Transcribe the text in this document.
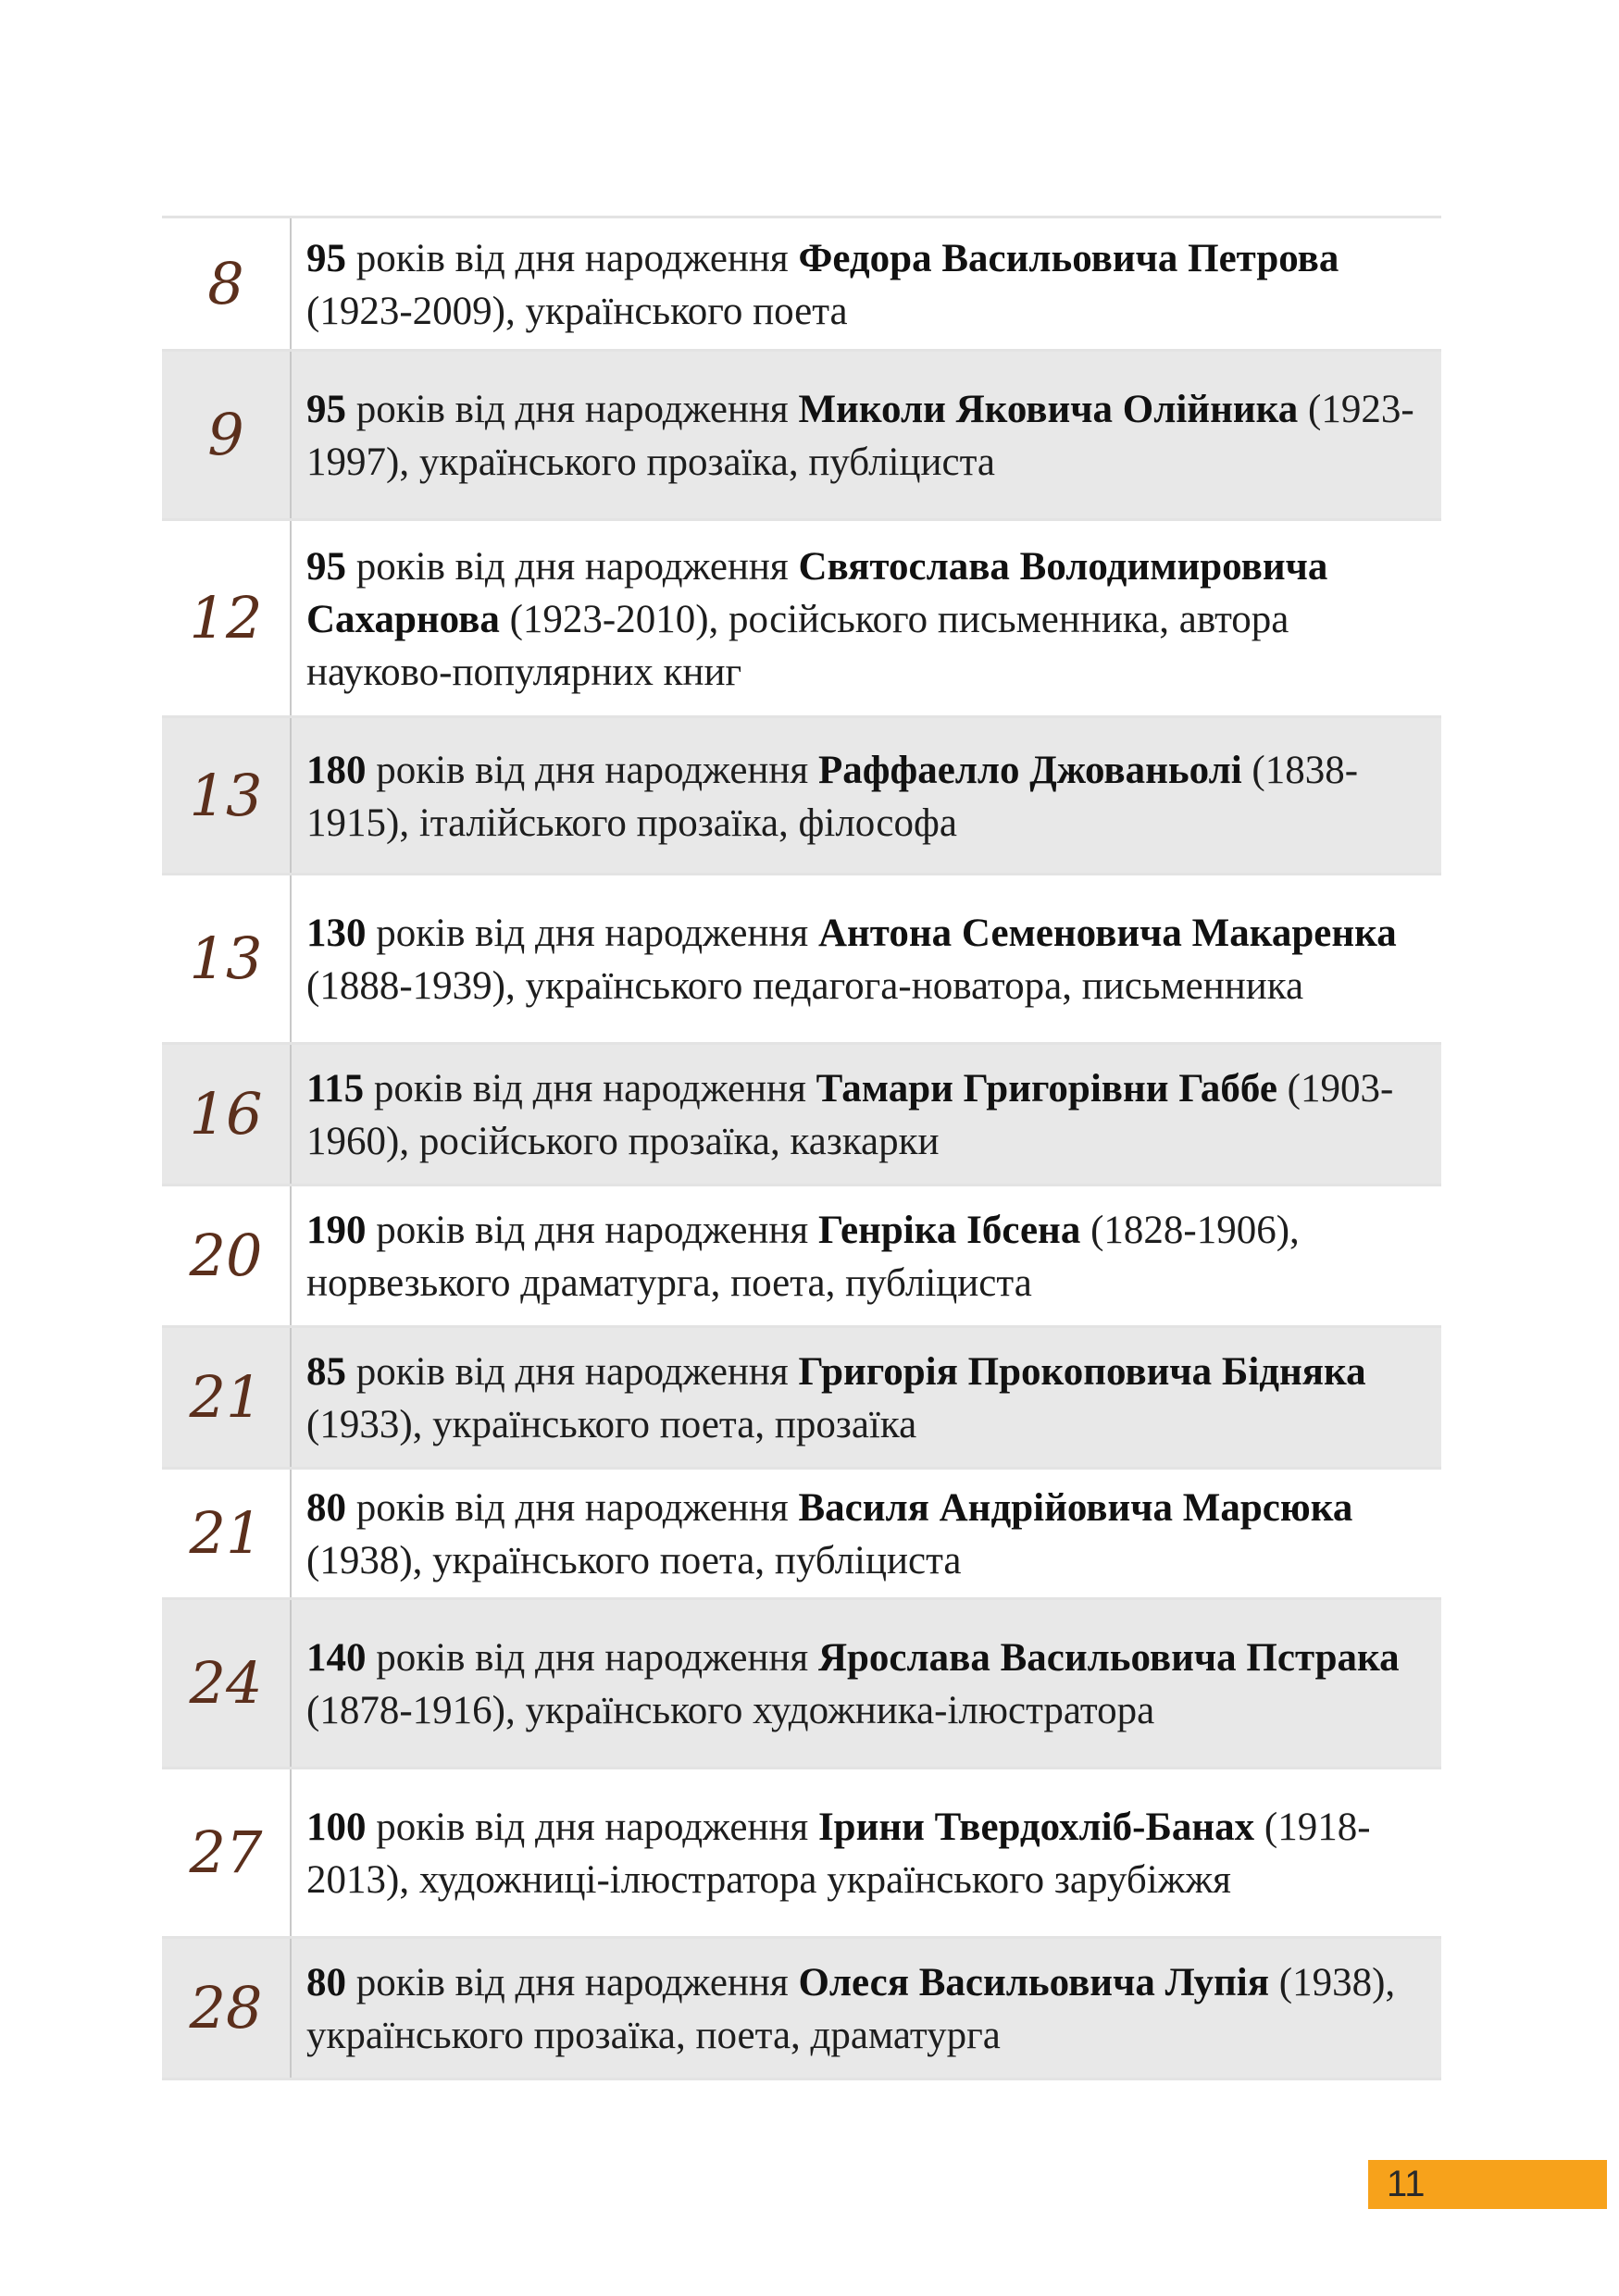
8	95 років від дня народження Федора Васильовича Петрова (1923-2009), українського поета
9	95 років від дня народження Миколи Яковича Олійника (1923-1997), українського прозаїка, публіциста
12	95 років від дня народження Святослава Володимировича Сахарнова (1923-2010), російського письменника, автора науково-популярних книг
13	180 років від дня народження Раффаелло Джованьолі (1838-1915), італійського прозаїка, філософа
13	130 років від дня народження Антона Семеновича Макаренка (1888-1939), українського педагога-новатора, письменника
16	115 років від дня народження Тамари Григорівни Габбе (1903-1960), російського прозаїка, казкарки
20	190 років від дня народження Генріка Ібсена (1828-1906), норвезького драматурга, поета, публіциста
21	85 років від дня народження Григорія Прокоповича Бідняка (1933), українського поета, прозаїка
21	80 років від дня народження Василя Андрійовича Марсюка (1938), українського поета, публіциста
24	140 років від дня народження Ярослава Васильовича Пстрака (1878-1916), українського художника-ілюстратора
27	100 років від дня народження Ірини Твердохліб-Банах (1918-2013), художниці-ілюстратора українського зарубіжжя
28	80 років від дня народження Олеся Васильовича Лупія (1938), українського прозаїка, поета, драматурга
11
